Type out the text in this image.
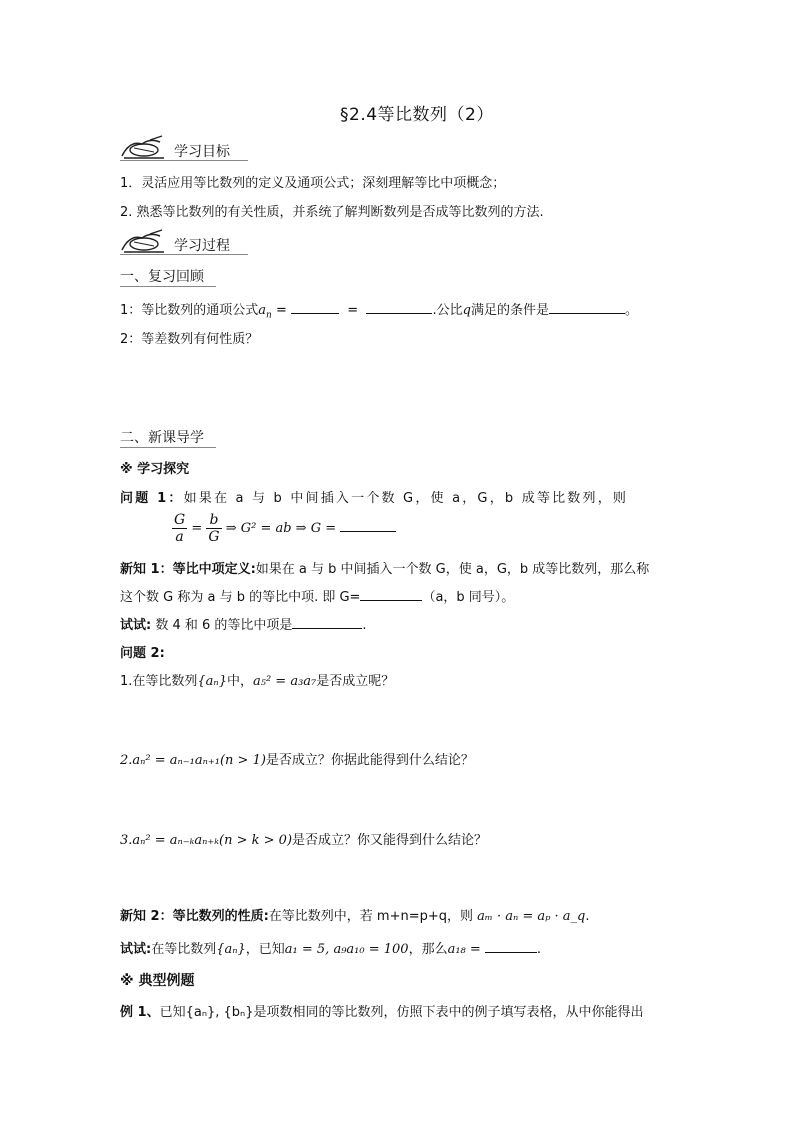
§2.4等比数列（2）
学习目标
1．灵活应用等比数列的定义及通项公式；深刻理解等比中项概念；
2. 熟悉等比数列的有关性质，并系统了解判断数列是否成等比数列的方法.
学习过程
一、复习回顾
1：等比数列的通项公式$a_n$ =	=	.公比q满足的条件是	。
2：等差数列有何性质？
二、新课导学
※ 学习探究
问题 1：如果在 a 与 b 中间插入一个数 G，使 a，G，b 成等比数列，则
$\frac{G}{a} = \frac{b}{G}$ ⇒ G² = ab ⇒ G =
新知 1：等比中项定义:如果在 a 与 b 中间插入一个数 G，使 a，G，b 成等比数列，那么称
这个数 G 称为 a 与 b 的等比中项. 即 G=	（a，b 同号）。
试试: 数 4 和 6 的等比中项是	.
问题 2:
1.在等比数列{aₙ}中，a₅² = a₃a₇是否成立呢？
2.aₙ² = aₙ₋₁aₙ₊₁(n > 1)是否成立？你据此能得到什么结论？
3.aₙ² = aₙ₋ₖaₙ₊ₖ(n > k > 0)是否成立？你又能得到什么结论？
新知 2：等比数列的性质:在等比数列中，若 m+n=p+q，则 aₘ · aₙ = aₚ · a_q.
试试:在等比数列{aₙ}，已知a₁ = 5, a₉a₁₀ = 100，那么a₁₈ =	.
※ 典型例题
例 1、已知{aₙ}, {bₙ}是项数相同的等比数列，仿照下表中的例子填写表格，从中你能得出
